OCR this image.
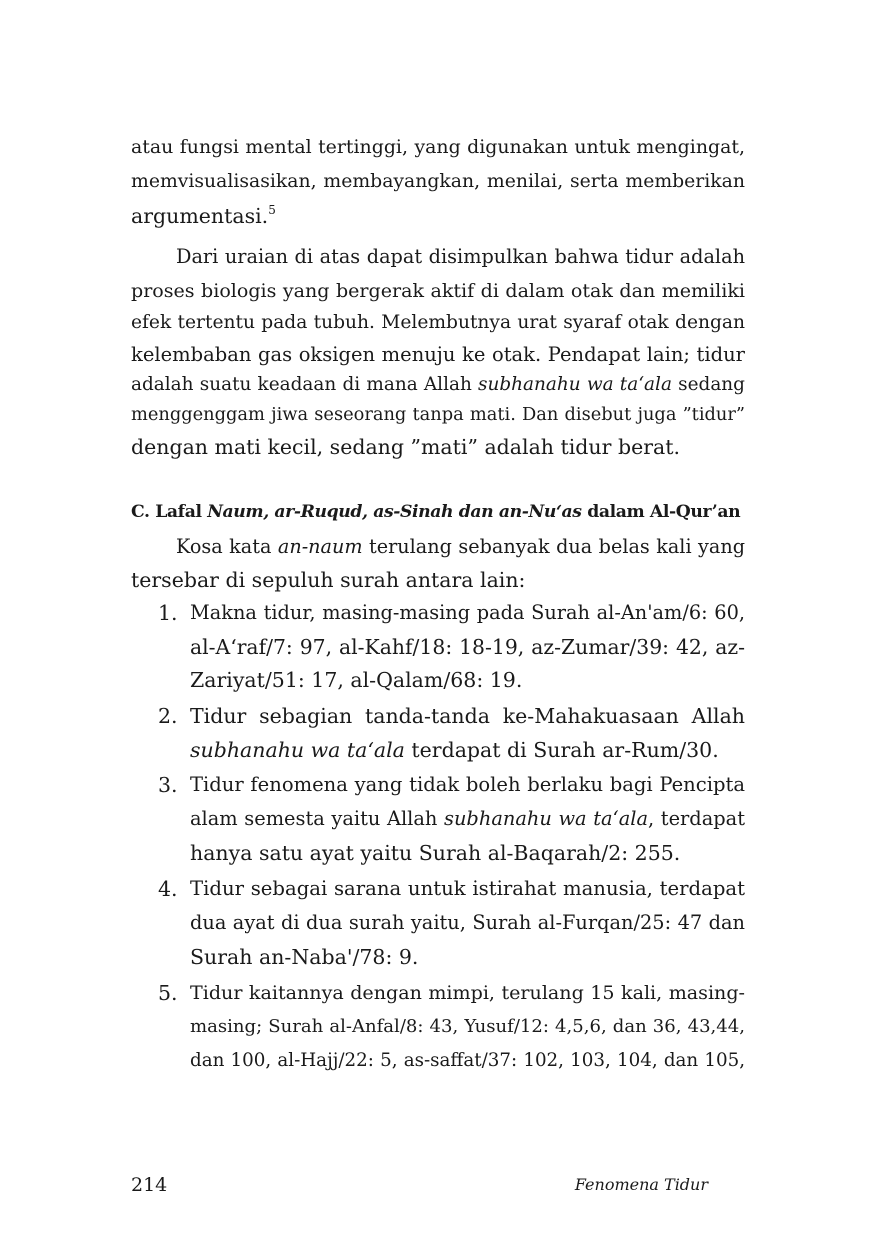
atau fungsi mental tertinggi, yang digunakan untuk mengingat,
memvisualisasikan, membayangkan, menilai, serta memberikan
argumentasi.$^5$
Dari uraian di atas dapat disimpulkan bahwa tidur adalah
proses biologis yang bergerak aktif di dalam otak dan memiliki
efek tertentu pada tubuh. Melembutnya urat syaraf otak dengan
kelembaban gas oksigen menuju ke otak. Pendapat lain; tidur
adalah suatu keadaan di mana Allah subhanahu wa ta‘ala sedang
menggenggam jiwa seseorang tanpa mati. Dan disebut juga ”tidur”
dengan mati kecil, sedang ”mati” adalah tidur berat.
C. Lafal Naum, ar-Ruqud, as-Sinah dan an-Nu‘as dalam Al-Qur’an
Kosa kata an-naum terulang sebanyak dua belas kali yang
tersebar di sepuluh surah antara lain:
1. Makna tidur, masing-masing pada Surah al-An'am/6: 60,
al-A‘raf/7: 97, al-Kahf/18: 18-19, az-Zumar/39: 42, az-
Zariyat/51: 17, al-Qalam/68: 19.
2. Tidur sebagian tanda-tanda ke-Mahakuasaan Allah
subhanahu wa ta‘ala terdapat di Surah ar-Rum/30.
3. Tidur fenomena yang tidak boleh berlaku bagi Pencipta
alam semesta yaitu Allah subhanahu wa ta‘ala, terdapat
hanya satu ayat yaitu Surah al-Baqarah/2: 255.
4. Tidur sebagai sarana untuk istirahat manusia, terdapat
dua ayat di dua surah yaitu, Surah al-Furqan/25: 47 dan
Surah an-Naba'/78: 9.
5. Tidur kaitannya dengan mimpi, terulang 15 kali, masing-
masing; Surah al-Anfal/8: 43, Yusuf/12: 4,5,6, dan 36, 43,44,
dan 100, al-Hajj/22: 5, as-saffat/37: 102, 103, 104, dan 105,
214	Fenomena Tidur
